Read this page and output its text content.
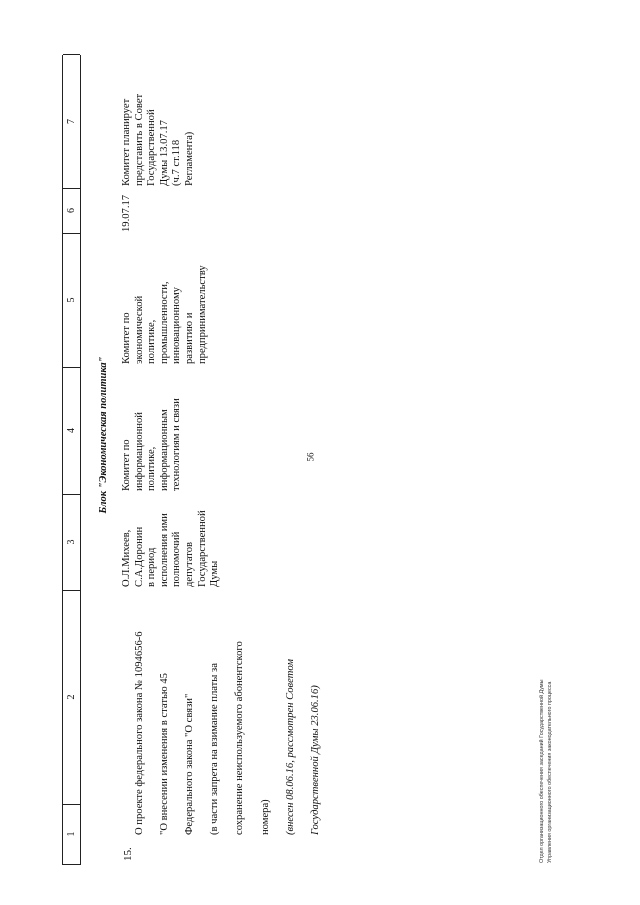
56
1
2
3
4
5
6
7
Блок "Экономическая политика"
15.

О проекте федерального закона № 1094656-6 "О внесении изменения в статью 45 Федерального закона "О связи" (в части запрета на взимание платы за сохранение неиспользуемого абонентского номера) (внесен 08.06.16, рассмотрен Советом Государственной Думы 23.06.16)

О.Л.Михеев,
С.А.Доронин
в период
исполнения ими
полномочий
депутатов
Государственной
Думы
Комитет по
информационной
политике,
информационным
технологиям и связи
Комитет по
экономической
политике,
промышленности,
инновационному
развитию и
предпринимательству
19.07.17
Комитет планирует
представить в Совет
Государственной
Думы 13.07.17
(ч.7 ст.118
Регламента)
Отдел организационного обеспечения заседаний Государственной Думы Управления организационного обеспечения законодательного процесса
